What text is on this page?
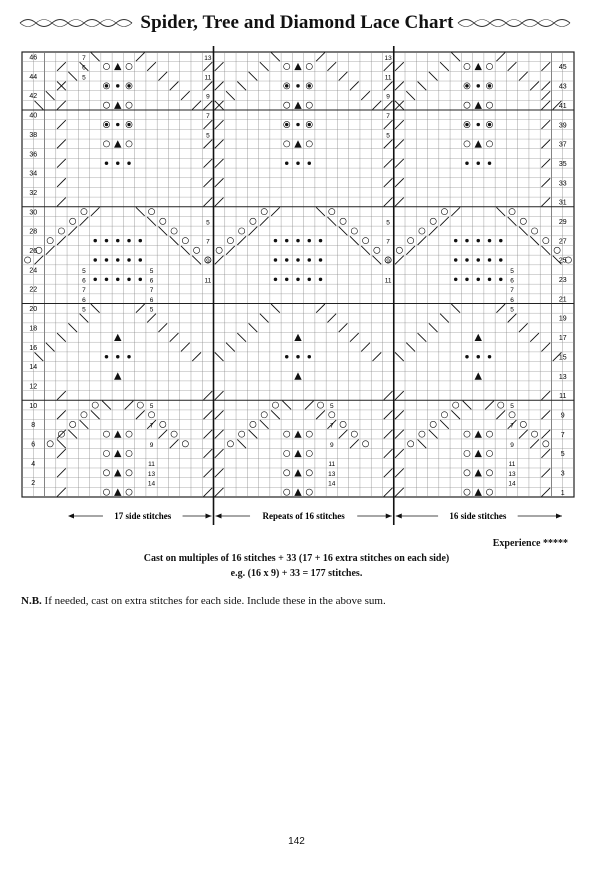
Spider, Tree and Diamond Lace Chart
46
44
42
40
38
36
34
32
30
28
26
24
22
20
18
16
14
12
10
8
6
4
2
45
43
41
39
37
35
33
31
29
27
25
23
21
19
17
15
13
11
9
7
5
3
1
7
6
5
13	13
11	11
9	9
7	7
5	5
5	5
7	7
9	9
11	11
5	5	5
7	7	7
9	9	9
11	11	11
13	13	13
14	14	14
5	5	5
6	6	6
7	7	7
6	6	6
5	5	5
17 side stitches	Repeats of 16 stitches	16 side stitches
Experience *****
Cast on multiples of 16 stitches + 33 (17 + 16 extra stitches on each side)
e.g. (16 x 9) + 33 = 177 stitches.
N.B. If needed, cast on extra stitches for each side. Include these in the above sum.
142
